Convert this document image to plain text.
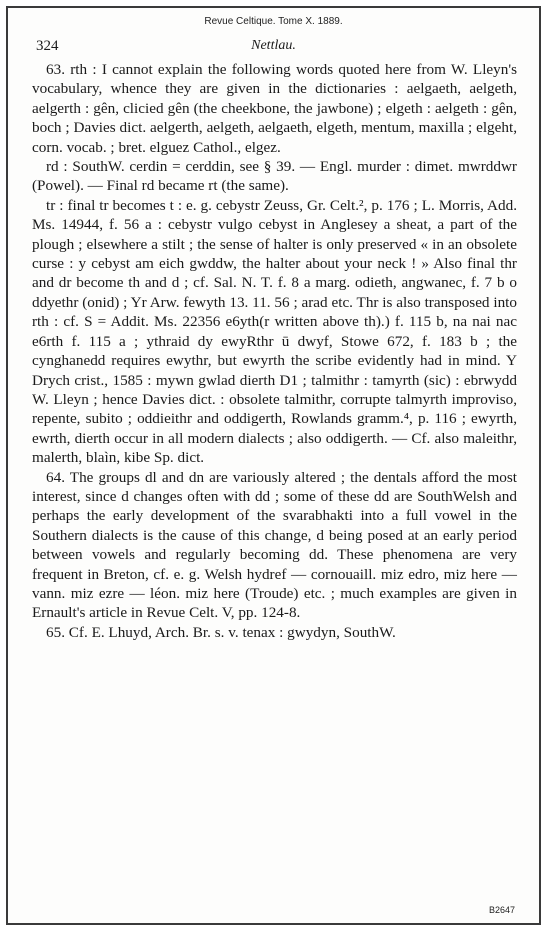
Revue Celtique. Tome X. 1889.
324	Nettlau.

63. rth : I cannot explain the following words quoted here from W. Lleyn's vocabulary, whence they are given in the dictionaries : aelgaeth, aelgeth, aelgerth : gên, clicied gên (the cheekbone, the jawbone) ; elgeth : aelgeth : gên, boch ; Davies dict. aelgerth, aelgeth, aelgaeth, elgeth, mentum, maxilla ; elgeht, corn. vocab. ; bret. elguez Cathol., elgez.

rd : SouthW. cerdin = cerddin, see § 39. — Engl. murder : dimet. mwrddwr (Powel). — Final rd became rt (the same).

tr : final tr becomes t : e. g. cebystr Zeuss, Gr. Celt.², p. 176 ; L. Morris, Add. Ms. 14944, f. 56 a : cebystr vulgo cebyst in Anglesey a sheat, a part of the plough ; elsewhere a stilt ; the sense of halter is only preserved « in an obsolete curse : y cebyst am eich gwddw, the halter about your neck ! » Also final thr and dr become th and d ; cf. Sal. N. T. f. 8 a marg. odieth, angwanec, f. 7 b o ddyethr (onid) ; Yr Arw. fewyth 13. 11. 56 ; arad etc. Thr is also transposed into rth : cf. S = Addit. Ms. 22356 e6yth(r written above th).) f. 115 b, na nai nac e6rth f. 115 a ; ythraid dy ewyRthr ū dwyf, Stowe 672, f. 183 b ; the cynghanedd requires ewythr, but ewyrth the scribe evidently had in mind. Y Drych crist., 1585 : mywn gwlad dierth D1 ; talmithr : tamyrth (sic) : ebrwydd W. Lleyn ; hence Davies dict. : obsolete talmithr, corrupte talmyrth improviso, repente, subito ; oddieithr and oddigerth, Rowlands gramm.⁴, p. 116 ; ewyrth, ewrth, dierth occur in all modern dialects ; also oddigerth. — Cf. also maleithr, malerth, blaìn, kibe Sp. dict.

64. The groups dl and dn are variously altered ; the dentals afford the most interest, since d changes often with dd ; some of these dd are SouthWelsh and perhaps the early development of the svarabhakti into a full vowel in the Southern dialects is the cause of this change, d being posed at an early period between vowels and regularly becoming dd. These phenomena are very frequent in Breton, cf. e. g. Welsh hydref — cornouaill. miz edro, miz here — vann. miz ezre — léon. miz here (Troude) etc. ; much examples are given in Ernault's article in Revue Celt. V, pp. 124-8.

65. Cf. E. Lhuyd, Arch. Br. s. v. tenax : gwydyn, SouthW.

B2647
